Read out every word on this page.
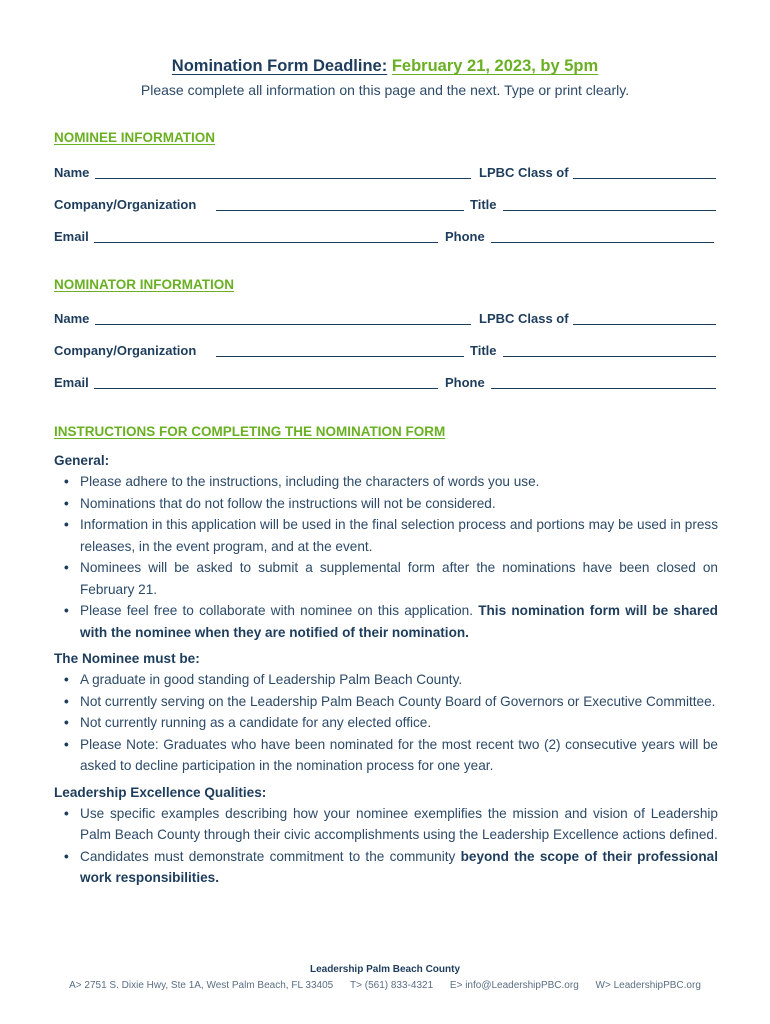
Nomination Form Deadline: February 21, 2023, by 5pm
Please complete all information on this page and the next. Type or print clearly.
NOMINEE INFORMATION
Name	LPBC Class of
Company/Organization	Title
Email	Phone
NOMINATOR INFORMATION
Name	LPBC Class of
Company/Organization	Title
Email	Phone
INSTRUCTIONS FOR COMPLETING THE NOMINATION FORM
General:
• Please adhere to the instructions, including the characters of words you use.
• Nominations that do not follow the instructions will not be considered.
• Information in this application will be used in the final selection process and portions may be used in press releases, in the event program, and at the event.
• Nominees will be asked to submit a supplemental form after the nominations have been closed on February 21.
• Please feel free to collaborate with nominee on this application. This nomination form will be shared with the nominee when they are notified of their nomination.
The Nominee must be:
• A graduate in good standing of Leadership Palm Beach County.
• Not currently serving on the Leadership Palm Beach County Board of Governors or Executive Committee.
• Not currently running as a candidate for any elected office.
• Please Note: Graduates who have been nominated for the most recent two (2) consecutive years will be asked to decline participation in the nomination process for one year.
Leadership Excellence Qualities:
• Use specific examples describing how your nominee exemplifies the mission and vision of Leadership Palm Beach County through their civic accomplishments using the Leadership Excellence actions defined.
• Candidates must demonstrate commitment to the community beyond the scope of their professional work responsibilities.
Leadership Palm Beach County
A> 2751 S. Dixie Hwy, Ste 1A, West Palm Beach, FL 33405 T> (561) 833-4321 E> info@LeadershipPBC.org W> LeadershipPBC.org
